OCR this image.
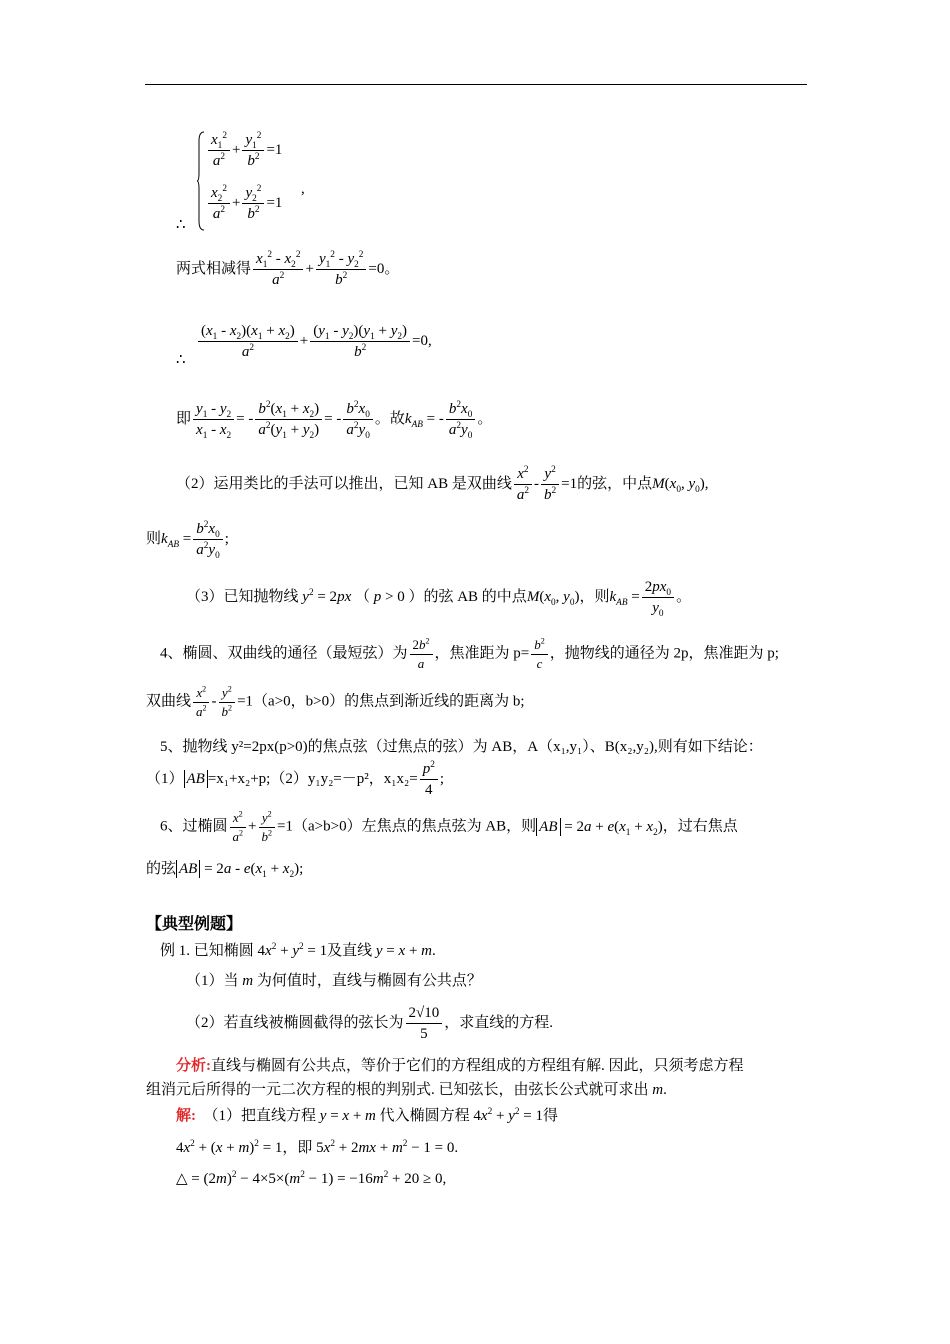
$\frac{x_1^2}{a^2} + \frac{y_1^2}{b^2} =1$
$\frac{x_2^2}{a^2} + \frac{y_2^2}{b^2} =1$
,
∴
两式相减得 $\frac{x_1^2 - x_2^2}{a^2} + \frac{y_1^2 - y_2^2}{b^2} =0$。
∴ $\frac{(x_1 - x_2)(x_1 + x_2)}{a^2} + \frac{(y_1 - y_2)(y_1 + y_2)}{b^2} =0$,
即 $\frac{y_1 - y_2}{x_1 - x_2}$ = - $\frac{b^2(x_1 + x_2)}{a^2(y_1 + y_2)}$ = - $\frac{b^2x_0}{a^2y_0}$ 。故$k_{AB}$ = - $\frac{b^2x_0}{a^2y_0}$ 。
（2）运用类比的手法可以推出，已知 AB 是双曲线 $\frac{x^2}{a^2} - \frac{y^2}{b^2} =1$的弦，中点$M(x_0$, $y_0$),
则$k_{AB} = \frac{b^2x_0}{a^2y_0}$ ;
（3）已知抛物线 $y^2 = 2px$ （ p > 0 ）的弦 AB 的中点$M(x_0$, $y_0$)，则$k_{AB} = \frac{2px_0}{y_0}$ 。
4、椭圆、双曲线的通径（最短弦）为 $\frac{2b^2}{a}$ ，焦准距为 $p= \frac{b^2}{c}$ ，抛物线的通径为 2p，焦准距为 p;
双曲线 $\frac{x^2}{a^2} - \frac{y^2}{b^2} =1(a>0$，b>0）的焦点到渐近线的距离为 b;
5、抛物线 y²=2px(p>0)的焦点弦（过焦点的弦）为 AB，A（x₁,y₁）、B(x₂,y₂),则有如下结论：
（1） AB =x₁+x₂+p;（2）y₁y₂=－p²，$x_1x_2= \frac{p^2}{4}$ ;
6、过椭圆 $\frac{x^2}{a^2} + \frac{y^2}{b^2} =1(a>b>0)$左焦点的焦点弦为 AB，则 AB = $2a + e(x_1 + x_2)$，过右焦点
的弦 AB = $2a - e(x_1 + x_2)$;
【典型例题】
例 1. 已知椭圆 $4x^2 + y^2 = 1$及直线 y = x + m.
（1）当 m 为何值时，直线与椭圆有公共点？
（2）若直线被椭圆截得的弦长为 $\frac{2√10}{5}$ ，求直线的方程.
分析:直线与椭圆有公共点，等价于它们的方程组成的方程组有解. 因此，只须考虑方程
组消元后所得的一元二次方程的根的判别式. 已知弦长，由弦长公式就可求出 m.
解: （1）把直线方程 y = x + m 代入椭圆方程 $4x^2 + y^2 = 1$得
$4x^2 + (x + m)^2 = 1$，即 $5x^2 + 2mx + m^2 - 1 = 0$.
△ = $(2m)^2 - 4\times 5\times(m^2 - 1) = -16m^2 + 20 \ge 0$,
